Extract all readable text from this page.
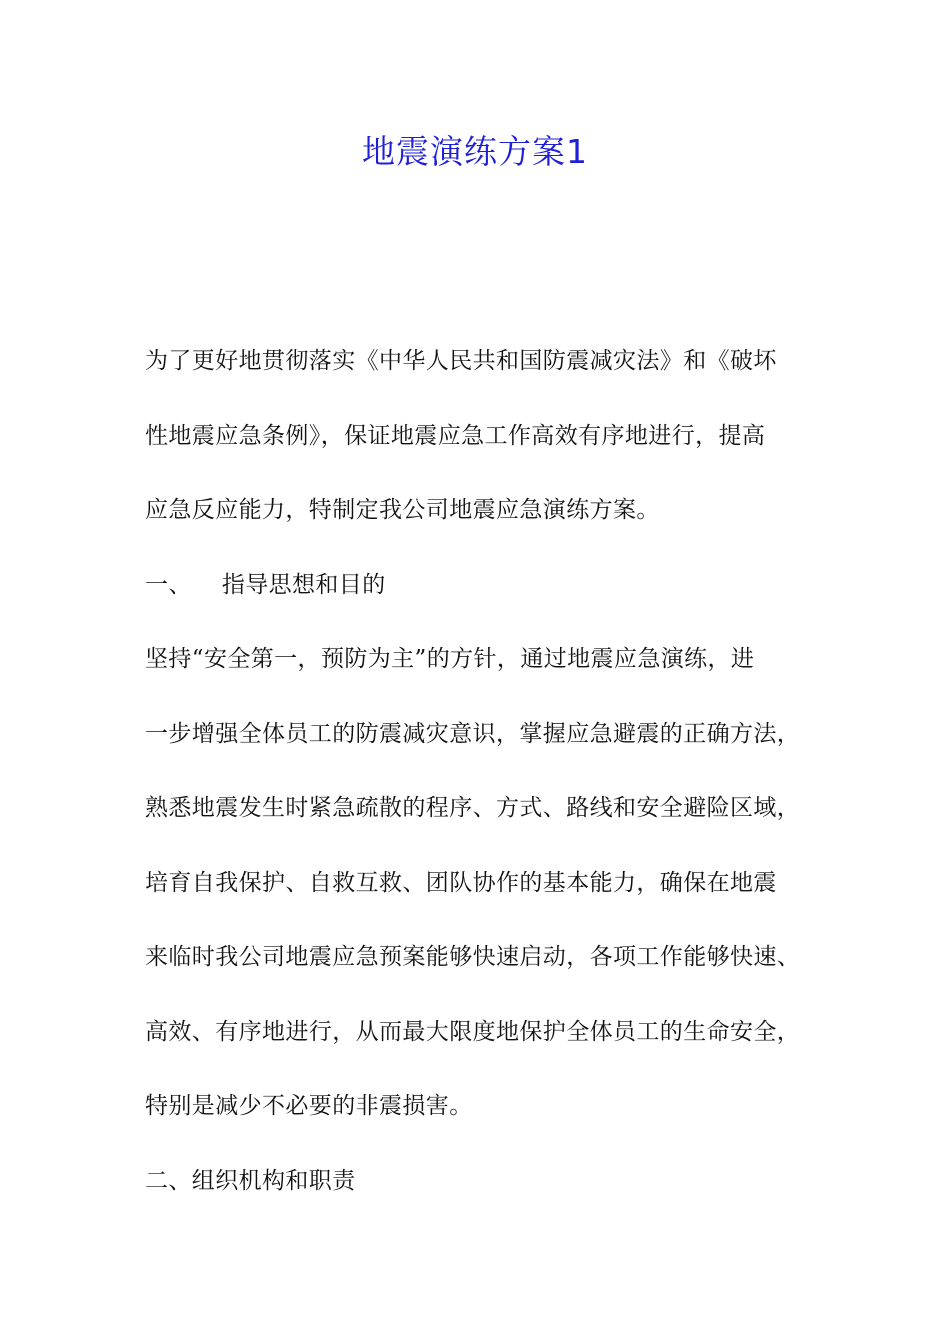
地震演练方案1
为了更好地贯彻落实《中华人民共和国防震减灾法》和《破坏
性地震应急条例》，保证地震应急工作高效有序地进行，提高
应急反应能力，特制定我公司地震应急演练方案。
一、 指导思想和目的
坚持“安全第一，预防为主”的方针，通过地震应急演练，进
一步增强全体员工的防震减灾意识，掌握应急避震的正确方法，
熟悉地震发生时紧急疏散的程序、方式、路线和安全避险区域，
培育自我保护、自救互救、团队协作的基本能力，确保在地震
来临时我公司地震应急预案能够快速启动，各项工作能够快速、
高效、有序地进行，从而最大限度地保护全体员工的生命安全，
特别是减少不必要的非震损害。
二、组织机构和职责
